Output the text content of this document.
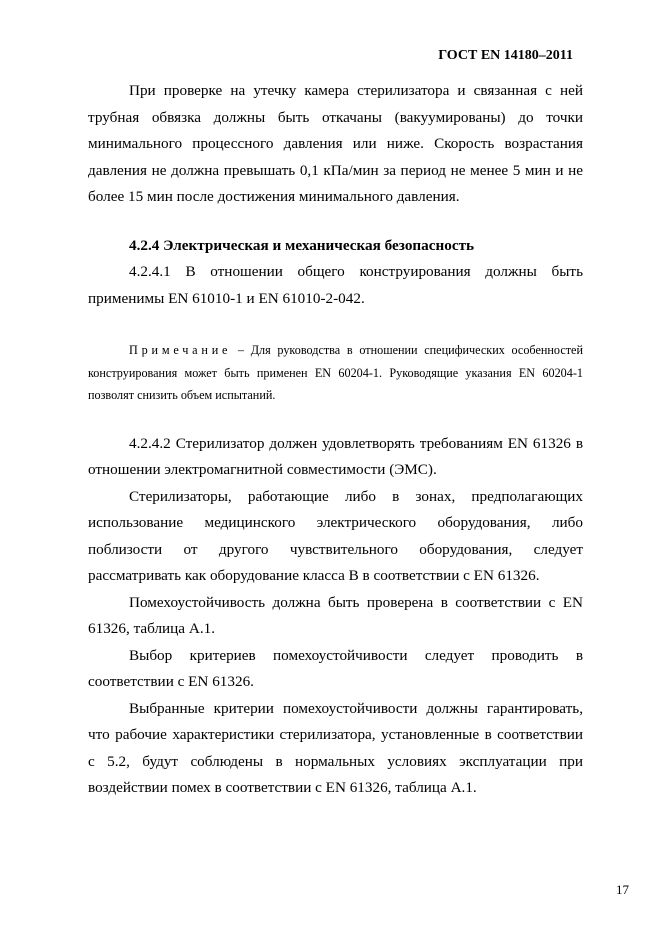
ГОСТ EN 14180–2011

При проверке на утечку камера стерилизатора и связанная с ней трубная обвязка должны быть откачаны (вакуумированы) до точки минимального процессного давления или ниже. Скорость возрастания давления не должна превышать 0,1 кПа/мин за период не менее 5 мин и не более 15 мин после достижения минимального давления.

4.2.4 Электрическая и механическая безопасность

4.2.4.1 В отношении общего конструирования должны быть применимы EN 61010-1 и EN 61010-2-042.

Примечание – Для руководства в отношении специфических особенностей конструирования может быть применен EN 60204-1. Руководящие указания EN 60204-1 позволят снизить объем испытаний.

4.2.4.2 Стерилизатор должен удовлетворять требованиям EN 61326 в отношении электромагнитной совместимости (ЭМС).

Стерилизаторы, работающие либо в зонах, предполагающих использование медицинского электрического оборудования, либо поблизости от другого чувствительного оборудования, следует рассматривать как оборудование класса В в соответствии с EN 61326.

Помехоустойчивость должна быть проверена в соответствии с EN 61326, таблица А.1.

Выбор критериев помехоустойчивости следует проводить в соответствии с EN 61326.

Выбранные критерии помехоустойчивости должны гарантировать, что рабочие характеристики стерилизатора, установленные в соответствии с 5.2, будут соблюдены в нормальных условиях эксплуатации при воздействии помех в соответствии с EN 61326, таблица А.1.

17
